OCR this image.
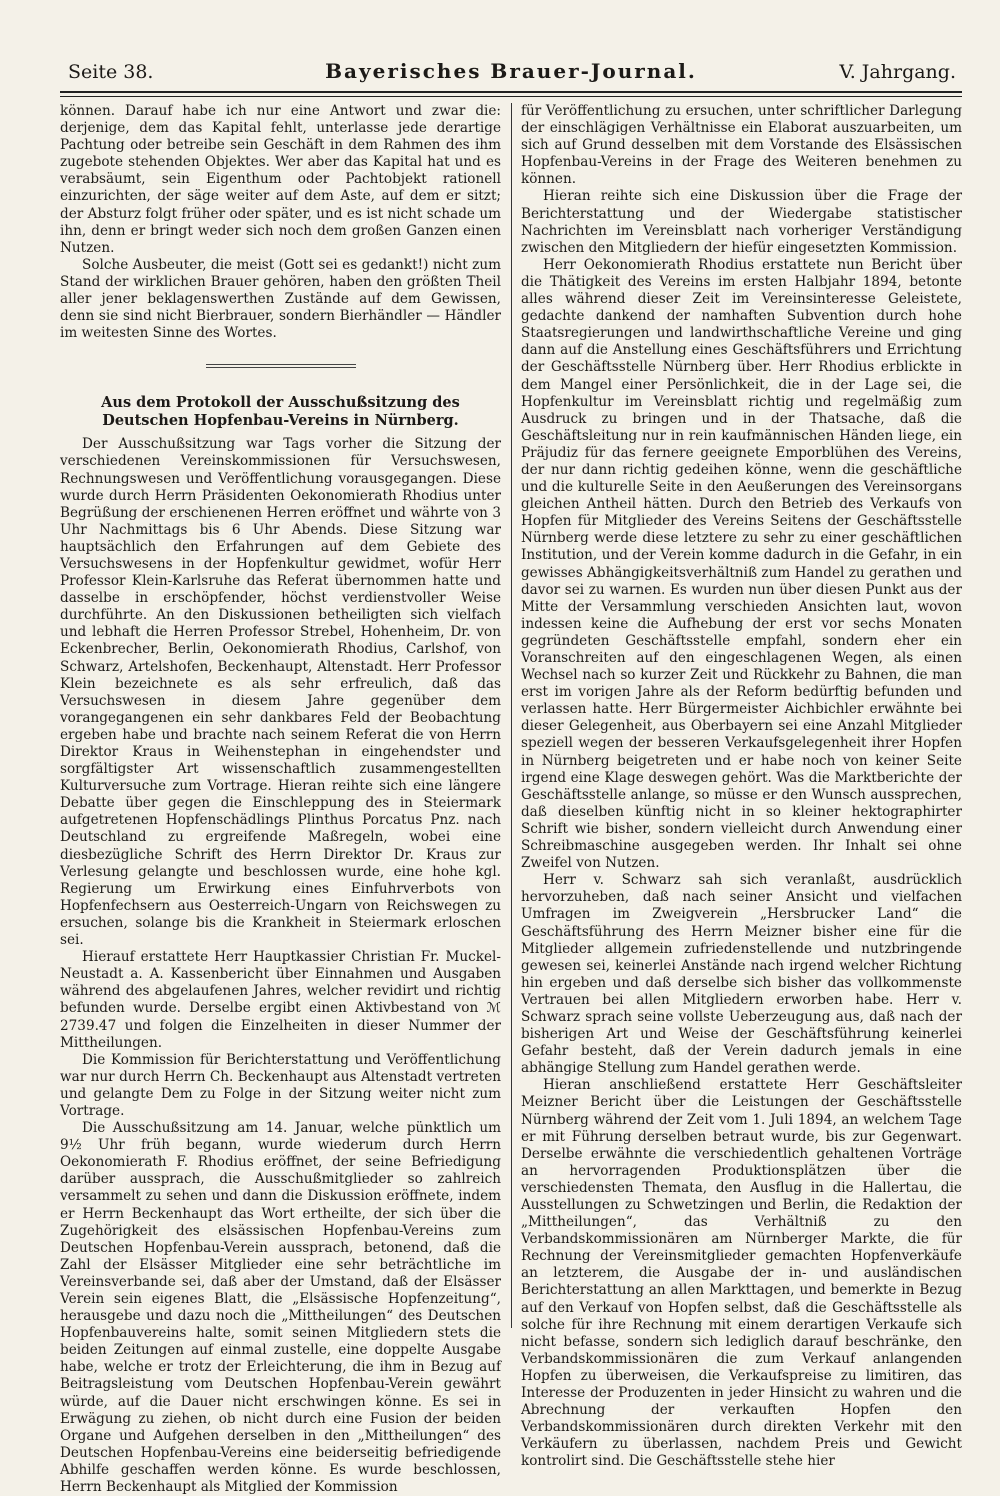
Seite 38.	Bayerisches Brauer-Journal.	V. Jahrgang.

können. Darauf habe ich nur eine Antwort und zwar die: derjenige, dem das Kapital fehlt, unterlasse jede derartige Pachtung oder betreibe sein Geschäft in dem Rahmen des ihm zugebote stehenden Objektes. Wer aber das Kapital hat und es verabsäumt, sein Eigenthum oder Pachtobjekt rationell einzurichten, der säge weiter auf dem Aste, auf dem er sitzt; der Absturz folgt früher oder später, und es ist nicht schade um ihn, denn er bringt weder sich noch dem großen Ganzen einen Nutzen.

Solche Ausbeuter, die meist (Gott sei es gedankt!) nicht zum Stand der wirklichen Brauer gehören, haben den größten Theil aller jener beklagenswerthen Zustände auf dem Gewissen, denn sie sind nicht Bierbrauer, sondern Bierhändler — Händler im weitesten Sinne des Wortes.

Aus dem Protokoll der Ausschußsitzung des Deutschen Hopfenbau-Vereins in Nürnberg.

Der Ausschußsitzung war Tags vorher die Sitzung der verschiedenen Vereinskommissionen für Versuchswesen, Rechnungswesen und Veröffentlichung vorausgegangen. Diese wurde durch Herrn Präsidenten Oekonomierath Rhodius unter Begrüßung der erschienenen Herren eröffnet und währte von 3 Uhr Nachmittags bis 6 Uhr Abends. Diese Sitzung war hauptsächlich den Erfahrungen auf dem Gebiete des Versuchswesens in der Hopfenkultur gewidmet, wofür Herr Professor Klein-Karlsruhe das Referat übernommen hatte und dasselbe in erschöpfender, höchst verdienstvoller Weise durchführte. An den Diskussionen betheiligten sich vielfach und lebhaft die Herren Professor Strebel, Hohenheim, Dr. von Eckenbrecher, Berlin, Oekonomierath Rhodius, Carlshof, von Schwarz, Artelshofen, Beckenhaupt, Altenstadt. Herr Professor Klein bezeichnete es als sehr erfreulich, daß das Versuchswesen in diesem Jahre gegenüber dem vorangegangenen ein sehr dankbares Feld der Beobachtung ergeben habe und brachte nach seinem Referat die von Herrn Direktor Kraus in Weihenstephan in eingehendster und sorgfältigster Art wissenschaftlich zusammengestellten Kulturversuche zum Vortrage. Hieran reihte sich eine längere Debatte über gegen die Einschleppung des in Steiermark aufgetretenen Hopfenschädlings Plinthus Porcatus Pnz. nach Deutschland zu ergreifende Maßregeln, wobei eine diesbezügliche Schrift des Herrn Direktor Dr. Kraus zur Verlesung gelangte und beschlossen wurde, eine hohe kgl. Regierung um Erwirkung eines Einfuhrverbots von Hopfenfechsern aus Oesterreich-Ungarn von Reichswegen zu ersuchen, solange bis die Krankheit in Steiermark erloschen sei.

Hierauf erstattete Herr Hauptkassier Christian Fr. Muckel-Neustadt a. A. Kassenbericht über Einnahmen und Ausgaben während des abgelaufenen Jahres, welcher revidirt und richtig befunden wurde. Derselbe ergibt einen Aktivbestand von ℳ 2739.47 und folgen die Einzelheiten in dieser Nummer der Mittheilungen.

Die Kommission für Berichterstattung und Veröffentlichung war nur durch Herrn Ch. Beckenhaupt aus Altenstadt vertreten und gelangte Dem zu Folge in der Sitzung weiter nicht zum Vortrage.

Die Ausschußsitzung am 14. Januar, welche pünktlich um 9½ Uhr früh begann, wurde wiederum durch Herrn Oekonomierath F. Rhodius eröffnet, der seine Befriedigung darüber aussprach, die Ausschußmitglieder so zahlreich versammelt zu sehen und dann die Diskussion eröffnete, indem er Herrn Beckenhaupt das Wort ertheilte, der sich über die Zugehörigkeit des elsässischen Hopfenbau-Vereins zum Deutschen Hopfenbau-Verein aussprach, betonend, daß die Zahl der Elsässer Mitglieder eine sehr beträchtliche im Vereinsverbande sei, daß aber der Umstand, daß der Elsässer Verein sein eigenes Blatt, die „Elsässische Hopfenzeitung“, herausgebe und dazu noch die „Mittheilungen“ des Deutschen Hopfenbauvereins halte, somit seinen Mitgliedern stets die beiden Zeitungen auf einmal zustelle, eine doppelte Ausgabe habe, welche er trotz der Erleichterung, die ihm in Bezug auf Beitragsleistung vom Deutschen Hopfenbau-Verein gewährt würde, auf die Dauer nicht erschwingen könne. Es sei in Erwägung zu ziehen, ob nicht durch eine Fusion der beiden Organe und Aufgehen derselben in den „Mittheilungen“ des Deutschen Hopfenbau-Vereins eine beiderseitig befriedigende Abhilfe geschaffen werden könne. Es wurde beschlossen, Herrn Beckenhaupt als Mitglied der Kommission

für Veröffentlichung zu ersuchen, unter schriftlicher Darlegung der einschlägigen Verhältnisse ein Elaborat auszuarbeiten, um sich auf Grund desselben mit dem Vorstande des Elsässischen Hopfenbau-Vereins in der Frage des Weiteren benehmen zu können.

Hieran reihte sich eine Diskussion über die Frage der Berichterstattung und der Wiedergabe statistischer Nachrichten im Vereinsblatt nach vorheriger Verständigung zwischen den Mitgliedern der hiefür eingesetzten Kommission.

Herr Oekonomierath Rhodius erstattete nun Bericht über die Thätigkeit des Vereins im ersten Halbjahr 1894, betonte alles während dieser Zeit im Vereinsinteresse Geleistete, gedachte dankend der namhaften Subvention durch hohe Staatsregierungen und landwirthschaftliche Vereine und ging dann auf die Anstellung eines Geschäftsführers und Errichtung der Geschäftsstelle Nürnberg über. Herr Rhodius erblickte in dem Mangel einer Persönlichkeit, die in der Lage sei, die Hopfenkultur im Vereinsblatt richtig und regelmäßig zum Ausdruck zu bringen und in der Thatsache, daß die Geschäftsleitung nur in rein kaufmännischen Händen liege, ein Präjudiz für das fernere geeignete Emporblühen des Vereins, der nur dann richtig gedeihen könne, wenn die geschäftliche und die kulturelle Seite in den Aeußerungen des Vereinsorgans gleichen Antheil hätten. Durch den Betrieb des Verkaufs von Hopfen für Mitglieder des Vereins Seitens der Geschäftsstelle Nürnberg werde diese letztere zu sehr zu einer geschäftlichen Institution, und der Verein komme dadurch in die Gefahr, in ein gewisses Abhängigkeitsverhältniß zum Handel zu gerathen und davor sei zu warnen. Es wurden nun über diesen Punkt aus der Mitte der Versammlung verschieden Ansichten laut, wovon indessen keine die Aufhebung der erst vor sechs Monaten gegründeten Geschäftsstelle empfahl, sondern eher ein Voranschreiten auf den eingeschlagenen Wegen, als einen Wechsel nach so kurzer Zeit und Rückkehr zu Bahnen, die man erst im vorigen Jahre als der Reform bedürftig befunden und verlassen hatte. Herr Bürgermeister Aichbichler erwähnte bei dieser Gelegenheit, aus Oberbayern sei eine Anzahl Mitglieder speziell wegen der besseren Verkaufsgelegenheit ihrer Hopfen in Nürnberg beigetreten und er habe noch von keiner Seite irgend eine Klage deswegen gehört. Was die Marktberichte der Geschäftsstelle anlange, so müsse er den Wunsch aussprechen, daß dieselben künftig nicht in so kleiner hektographirter Schrift wie bisher, sondern vielleicht durch Anwendung einer Schreibmaschine ausgegeben werden. Ihr Inhalt sei ohne Zweifel von Nutzen.

Herr v. Schwarz sah sich veranlaßt, ausdrücklich hervorzuheben, daß nach seiner Ansicht und vielfachen Umfragen im Zweigverein „Hersbrucker Land“ die Geschäftsführung des Herrn Meizner bisher eine für die Mitglieder allgemein zufriedenstellende und nutzbringende gewesen sei, keinerlei Anstände nach irgend welcher Richtung hin ergeben und daß derselbe sich bisher das vollkommenste Vertrauen bei allen Mitgliedern erworben habe. Herr v. Schwarz sprach seine vollste Ueberzeugung aus, daß nach der bisherigen Art und Weise der Geschäftsführung keinerlei Gefahr besteht, daß der Verein dadurch jemals in eine abhängige Stellung zum Handel gerathen werde.

Hieran anschließend erstattete Herr Geschäftsleiter Meizner Bericht über die Leistungen der Geschäftsstelle Nürnberg während der Zeit vom 1. Juli 1894, an welchem Tage er mit Führung derselben betraut wurde, bis zur Gegenwart. Derselbe erwähnte die verschiedentlich gehaltenen Vorträge an hervorragenden Produktionsplätzen über die verschiedensten Themata, den Ausflug in die Hallertau, die Ausstellungen zu Schwetzingen und Berlin, die Redaktion der „Mittheilungen“, das Verhältniß zu den Verbandskommissionären am Nürnberger Markte, die für Rechnung der Vereinsmitglieder gemachten Hopfenverkäufe an letzterem, die Ausgabe der in- und ausländischen Berichterstattung an allen Markttagen, und bemerkte in Bezug auf den Verkauf von Hopfen selbst, daß die Geschäftsstelle als solche für ihre Rechnung mit einem derartigen Verkaufe sich nicht befasse, sondern sich lediglich darauf beschränke, den Verbandskommissionären die zum Verkauf anlangenden Hopfen zu überweisen, die Verkaufspreise zu limitiren, das Interesse der Produzenten in jeder Hinsicht zu wahren und die Abrechnung der verkauften Hopfen den Verbandskommissionären durch direkten Verkehr mit den Verkäufern zu überlassen, nachdem Preis und Gewicht kontrolirt sind. Die Geschäftsstelle stehe hier
